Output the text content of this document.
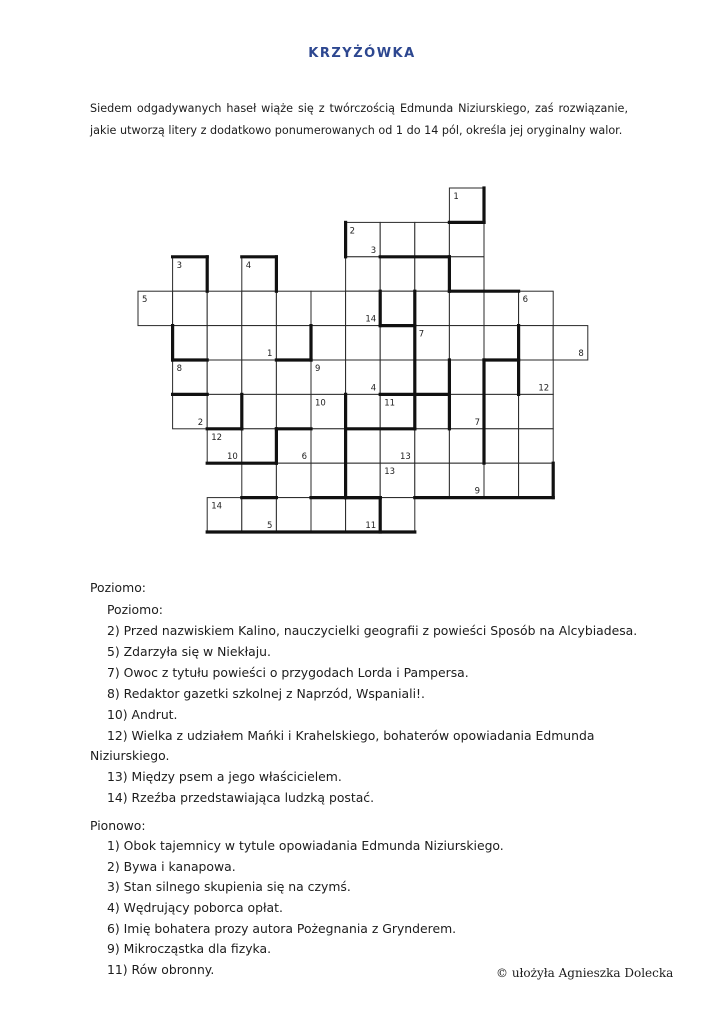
KRZYŻÓWKA
Siedem odgadywanych haseł wiąże się z twórczością Edmunda Niziurskiego, zaś rozwiązanie, jakie utworzą litery z dodatkowo ponumerowanych od 1 do 14 pól, określa jej oryginalny walor.
1
2
3	4
5	6
7
8	9
10	11
12
13
14
1
2
3
4
5
6
7
8
9
10
11
12
13
14
Poziomo:
Poziomo:
2) Przed nazwiskiem Kalino, nauczycielki geografii z powieści Sposób na Alcybiadesa.
5) Zdarzyła się w Niekłaju.
7) Owoc z tytułu powieści o przygodach Lorda i Pampersa.
8) Redaktor gazetki szkolnej z Naprzód, Wspaniali!.
10) Andrut.
12) Wielka z udziałem Mańki i Krahelskiego, bohaterów opowiadania Edmunda
Niziurskiego.
13) Między psem a jego właścicielem.
14) Rzeźba przedstawiająca ludzką postać.
Pionowo:
1) Obok tajemnicy w tytule opowiadania Edmunda Niziurskiego.
2) Bywa i kanapowa.
3) Stan silnego skupienia się na czymś.
4) Wędrujący poborca opłat.
6) Imię bohatera prozy autora Pożegnania z Grynderem.
9) Mikrocząstka dla fizyka.
11) Rów obronny.	© ułożyła Agnieszka Dolecka
